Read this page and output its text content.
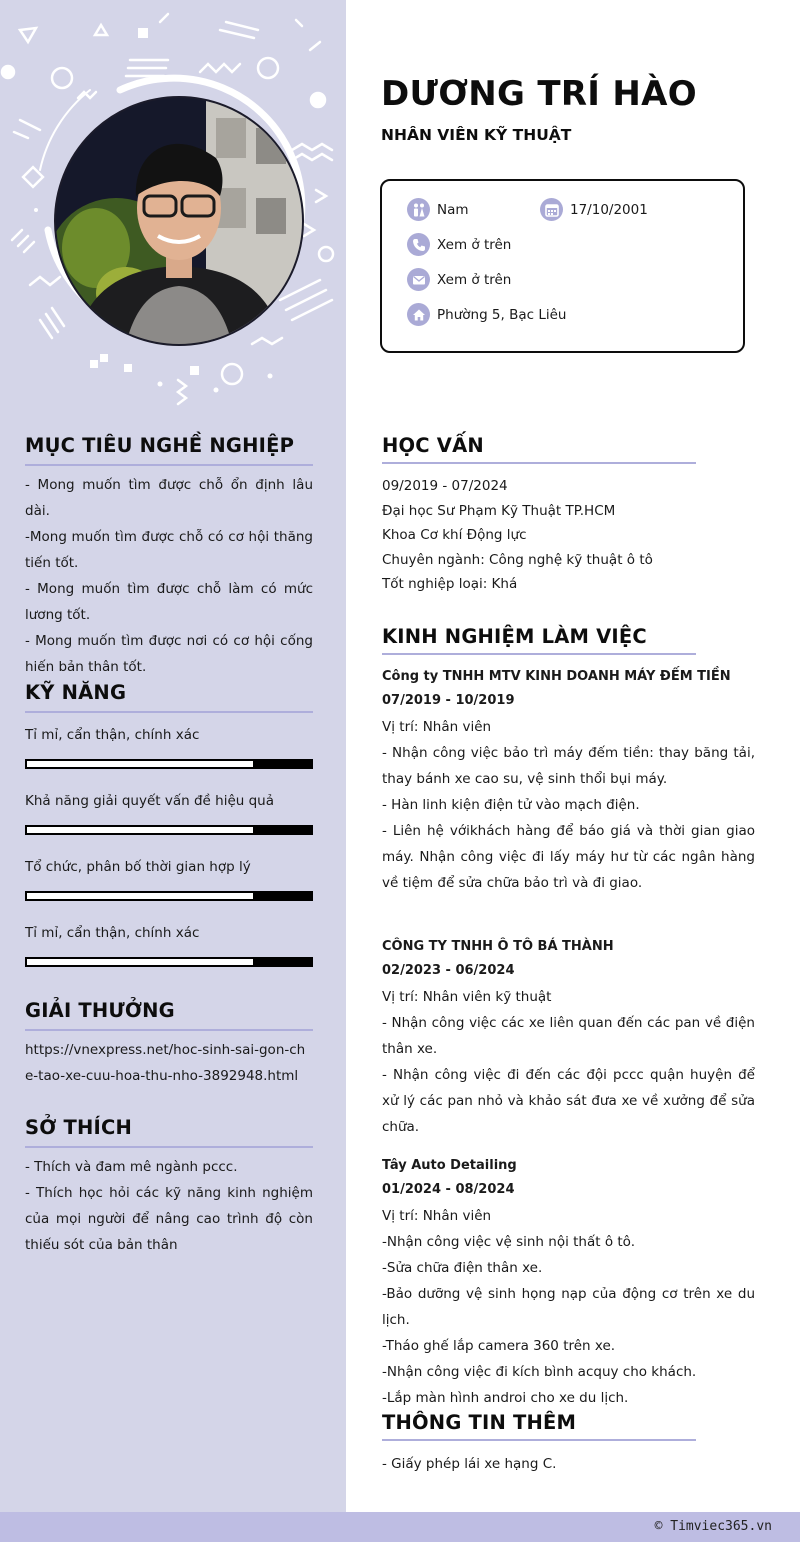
MỤC TIÊU NGHỀ NGHIỆP

- Mong muốn tìm được chỗ ổn định lâu dài.

-Mong muốn tìm được chỗ có cơ hội thăng tiến tốt.

- Mong muốn tìm được chỗ làm có mức lương tốt.

- Mong muốn tìm được nơi có cơ hội cống hiến bản thân tốt.

KỸ NĂNG
Tỉ mỉ, cẩn thận, chính xác
Khả năng giải quyết vấn đề hiệu quả
Tổ chức, phân bố thời gian hợp lý
Tỉ mỉ, cẩn thận, chính xác
GIẢI THƯỞNG
https://vnexpress.net/hoc-sinh-sai-gon-che-tao-xe-cuu-hoa-thu-nho-3892948.html
SỞ THÍCH

- Thích và đam mê ngành pccc.

- Thích học hỏi các kỹ năng kinh nghiệm của mọi người để nâng cao trình độ còn thiếu sót của bản thân

DƯƠNG TRÍ HÀO
NHÂN VIÊN KỸ THUẬT
Nam	17/10/2001
Xem ở trên
Xem ở trên
Phường 5, Bạc Liêu
HỌC VẤN

09/2019 - 07/2024

Đại học Sư Phạm Kỹ Thuật TP.HCM

Khoa Cơ khí Động lực

Chuyên ngành: Công nghệ kỹ thuật ô tô

Tốt nghiệp loại: Khá

KINH NGHIỆM LÀM VIỆC

Công ty TNHH MTV KINH DOANH MÁY ĐẾM TIỀN

07/2019 - 10/2019

Vị trí: Nhân viên

- Nhận công việc bảo trì máy đếm tiền: thay băng tải, thay bánh xe cao su, vệ sinh thổi bụi máy.

- Hàn linh kiện điện tử vào mạch điện.

- Liên hệ vớikhách hàng để báo giá và thời gian giao máy. Nhận công việc đi lấy máy hư từ các ngân hàng về tiệm để sửa chữa bảo trì và đi giao.

CÔNG TY TNHH Ô TÔ BÁ THÀNH

02/2023 - 06/2024

Vị trí: Nhân viên kỹ thuật

- Nhận công việc các xe liên quan đến các pan về điện thân xe.

- Nhận công việc đi đến các đội pccc quận huyện để xử lý các pan nhỏ và khảo sát đưa xe về xưởng để sửa chữa.

Tây Auto Detailing

01/2024 - 08/2024

Vị trí: Nhân viên

-Nhận công việc vệ sinh nội thất ô tô.

-Sửa chữa điện thân xe.

-Bảo dưỡng vệ sinh họng nạp của động cơ trên xe du lịch.

-Tháo ghế lắp camera 360 trên xe.

-Nhận công việc đi kích bình acquy cho khách.

-Lắp màn hình androi cho xe du lịch.

THÔNG TIN THÊM
- Giấy phép lái xe hạng C.
© Timviec365.vn
